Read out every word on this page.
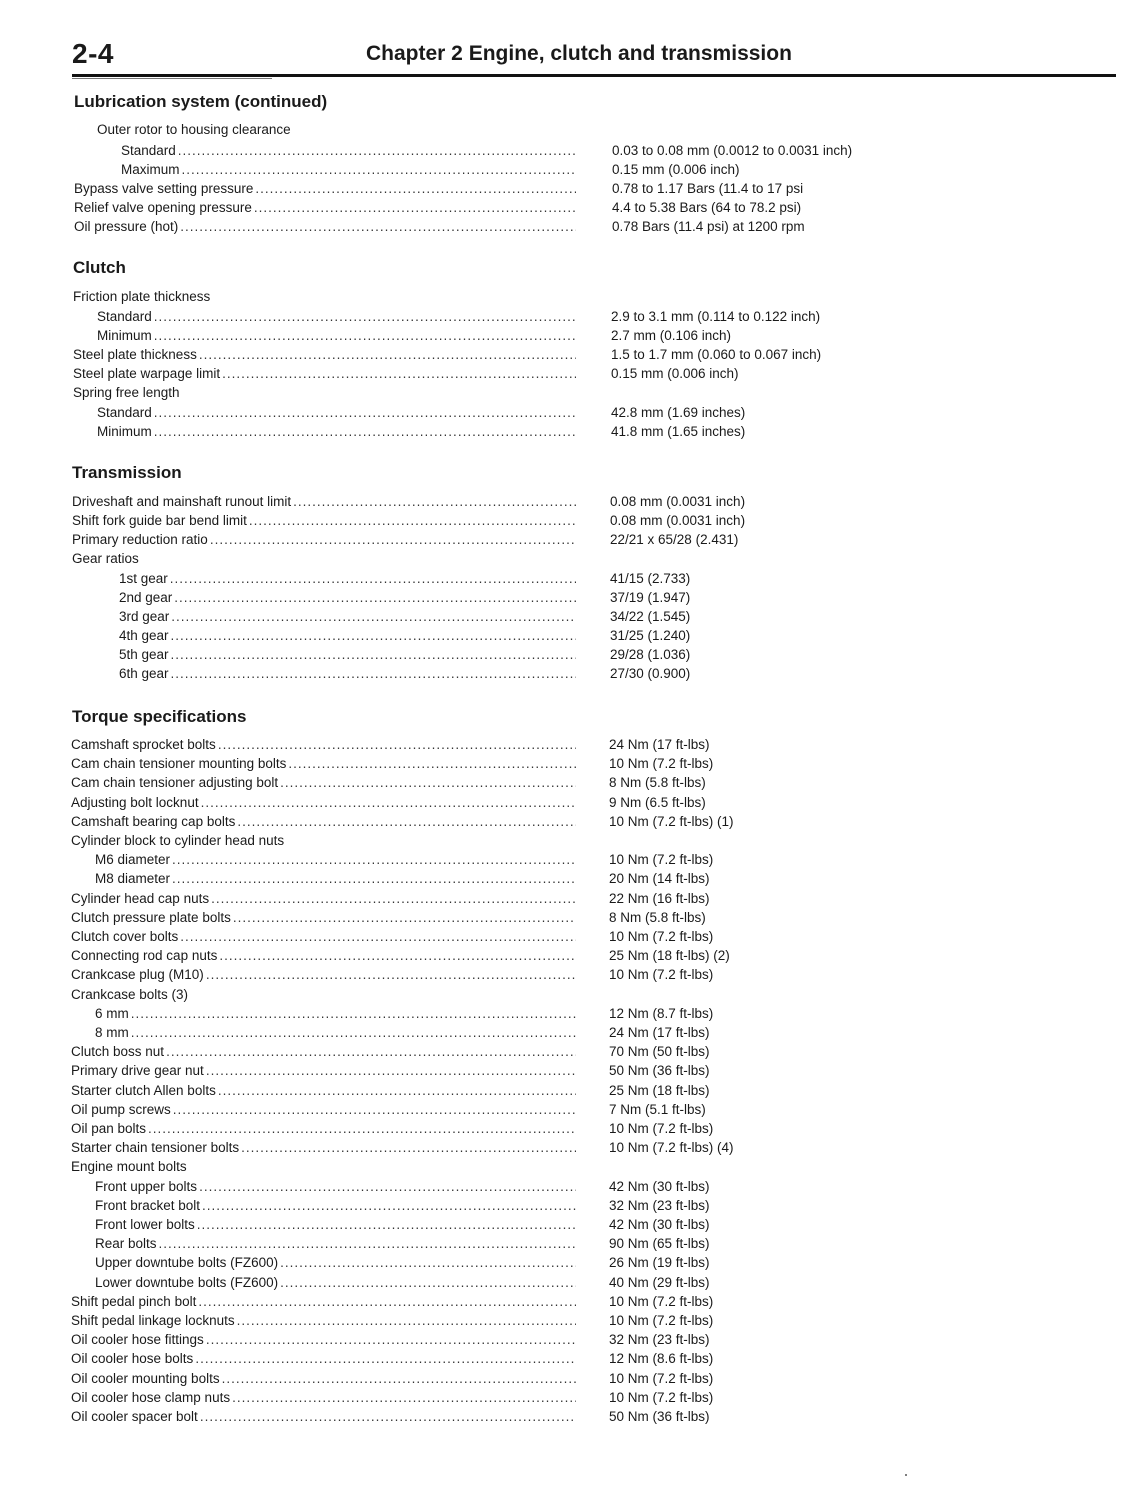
2-4	Chapter 2 Engine, clutch and transmission
Lubrication system (continued)
Outer rotor to housing clearance
Standard .....	0.03 to 0.08 mm (0.0012 to 0.0031 inch)
Maximum .....	0.15 mm (0.006 inch)
Bypass valve setting pressure .....	0.78 to 1.17 Bars (11.4 to 17 psi
Relief valve opening pressure .....	4.4 to 5.38 Bars (64 to 78.2 psi)
Oil pressure (hot) .....	0.78 Bars (11.4 psi) at 1200 rpm
Clutch
Friction plate thickness
Standard .....	2.9 to 3.1 mm (0.114 to 0.122 inch)
Minimum .....	2.7 mm (0.106 inch)
Steel plate thickness .....	1.5 to 1.7 mm (0.060 to 0.067 inch)
Steel plate warpage limit .....	0.15 mm (0.006 inch)
Spring free length
Standard .....	42.8 mm (1.69 inches)
Minimum .....	41.8 mm (1.65 inches)
Transmission
Driveshaft and mainshaft runout limit .....	0.08 mm (0.0031 inch)
Shift fork guide bar bend limit .....	0.08 mm (0.0031 inch)
Primary reduction ratio .....	22/21 x 65/28 (2.431)
Gear ratios
1st gear .....	41/15 (2.733)
2nd gear .....	37/19 (1.947)
3rd gear .....	34/22 (1.545)
4th gear .....	31/25 (1.240)
5th gear .....	29/28 (1.036)
6th gear .....	27/30 (0.900)
Torque specifications
Camshaft sprocket bolts .....	24 Nm (17 ft-lbs)
Cam chain tensioner mounting bolts .....	10 Nm (7.2 ft-lbs)
Cam chain tensioner adjusting bolt .....	8 Nm (5.8 ft-lbs)
Adjusting bolt locknut .....	9 Nm (6.5 ft-lbs)
Camshaft bearing cap bolts .....	10 Nm (7.2 ft-lbs) (1)
Cylinder block to cylinder head nuts
M6 diameter .....	10 Nm (7.2 ft-lbs)
M8 diameter .....	20 Nm (14 ft-lbs)
Cylinder head cap nuts .....	22 Nm (16 ft-lbs)
Clutch pressure plate bolts .....	8 Nm (5.8 ft-lbs)
Clutch cover bolts .....	10 Nm (7.2 ft-lbs)
Connecting rod cap nuts .....	25 Nm (18 ft-lbs) (2)
Crankcase plug (M10) .....	10 Nm (7.2 ft-lbs)
Crankcase bolts (3)
6 mm .....	12 Nm (8.7 ft-lbs)
8 mm .....	24 Nm (17 ft-lbs)
Clutch boss nut .....	70 Nm (50 ft-lbs)
Primary drive gear nut .....	50 Nm (36 ft-lbs)
Starter clutch Allen bolts .....	25 Nm (18 ft-lbs)
Oil pump screws .....	7 Nm (5.1 ft-lbs)
Oil pan bolts .....	10 Nm (7.2 ft-lbs)
Starter chain tensioner bolts .....	10 Nm (7.2 ft-lbs) (4)
Engine mount bolts
Front upper bolts .....	42 Nm (30 ft-lbs)
Front bracket bolt .....	32 Nm (23 ft-lbs)
Front lower bolts .....	42 Nm (30 ft-lbs)
Rear bolts .....	90 Nm (65 ft-lbs)
Upper downtube bolts (FZ600) .....	26 Nm (19 ft-lbs)
Lower downtube bolts (FZ600) .....	40 Nm (29 ft-lbs)
Shift pedal pinch bolt .....	10 Nm (7.2 ft-lbs)
Shift pedal linkage locknuts .....	10 Nm (7.2 ft-lbs)
Oil cooler hose fittings .....	32 Nm (23 ft-lbs)
Oil cooler hose bolts .....	12 Nm (8.6 ft-lbs)
Oil cooler mounting bolts .....	10 Nm (7.2 ft-lbs)
Oil cooler hose clamp nuts .....	10 Nm (7.2 ft-lbs)
Oil cooler spacer bolt .....	50 Nm (36 ft-lbs)
